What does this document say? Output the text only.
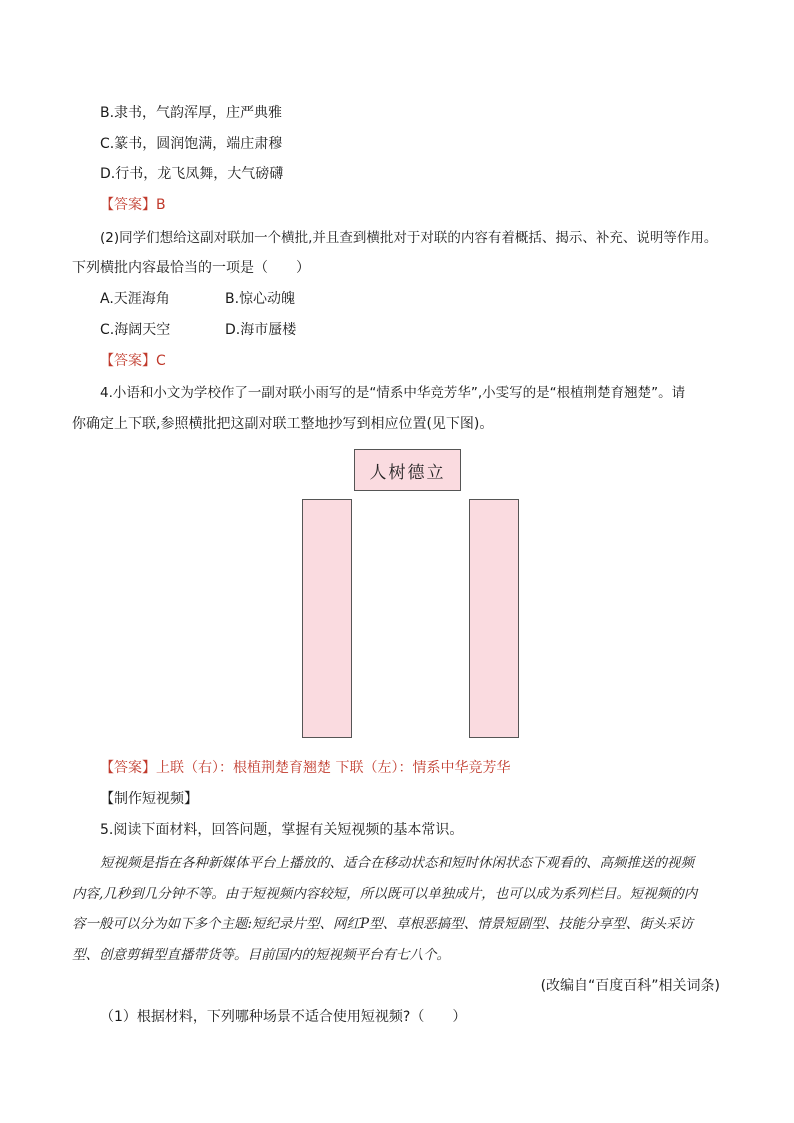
B.隶书，气韵浑厚，庄严典雅
C.篆书，圆润饱满，端庄肃穆
D.行书，龙飞凤舞，大气磅礴
【答案】B
(2)同学们想给这副对联加一个横批,并且查到横批对于对联的内容有着概括、揭示、补充、说明等作用。
下列横批内容最恰当的一项是（　　）
A.天涯海角	B.惊心动魄
C.海阔天空	D.海市蜃楼
【答案】C
4.小语和小文为学校作了一副对联小雨写的是“情系中华竞芳华”,小雯写的是“根植荆楚育翘楚”。请
你确定上下联,参照横批把这副对联工整地抄写到相应位置(见下图)。
人树德立
【答案】上联（右）：根植荆楚育翘楚 下联（左）：情系中华竞芳华
【制作短视频】
5.阅读下面材料，回答问题，掌握有关短视频的基本常识。
短视频是指在各种新媒体平台上播放的、适合在移动状态和短时休闲状态下观看的、高频推送的视频
内容,几秒到几分钟不等。由于短视频内容较短，所以既可以单独成片，也可以成为系列栏目。短视频的内
容一般可以分为如下多个主题:短纪录片型、网红P型、草根恶搞型、情景短剧型、技能分享型、街头采访
型、创意剪辑型直播带货等。目前国内的短视频平台有七八个。
(改编自“百度百科”相关词条)
（1）根据材料，下列哪种场景不适合使用短视频?（　　）
